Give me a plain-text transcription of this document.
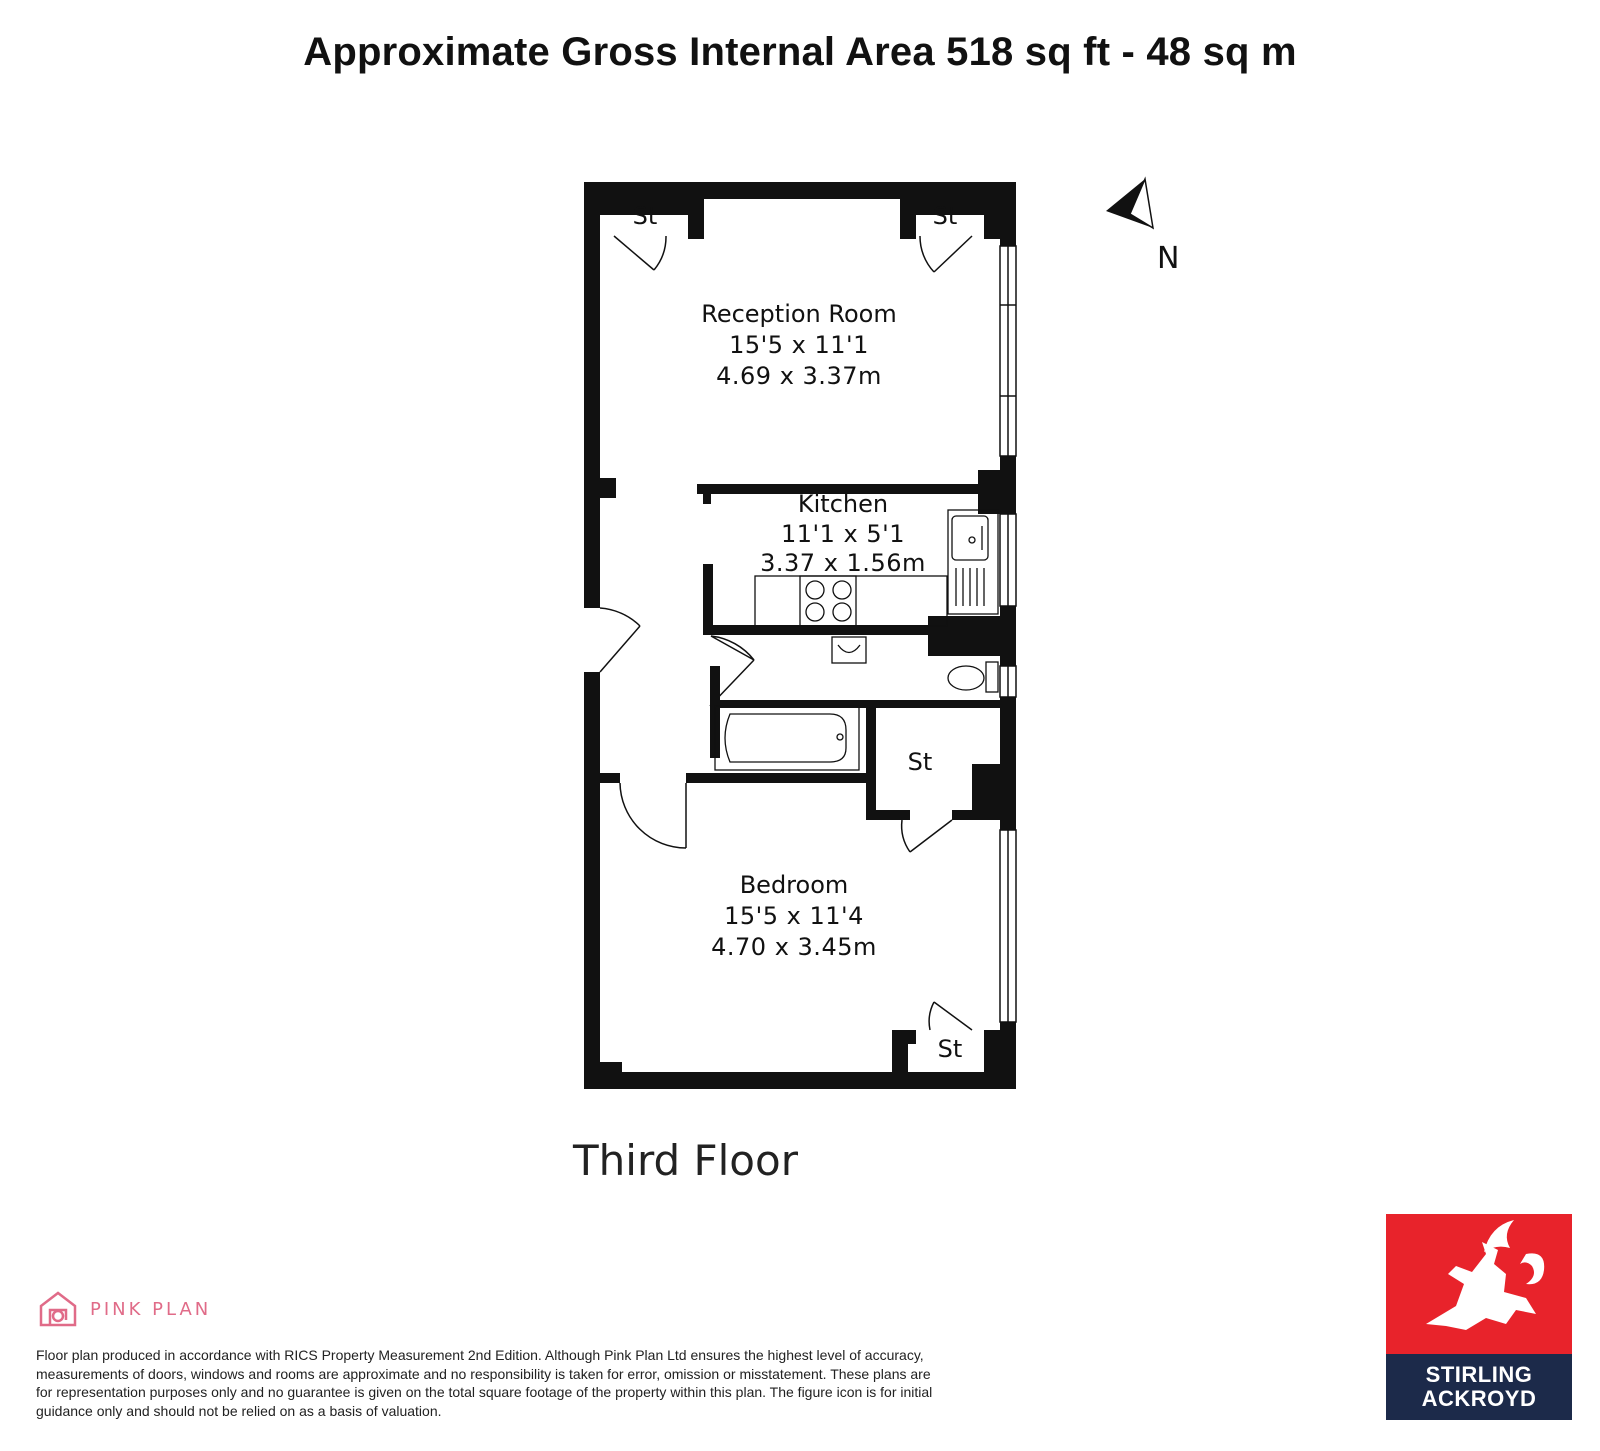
Approximate Gross Internal Area 518 sq ft - 48 sq m
N
Reception Room
15'5 x 11'1
4.69 x 3.37m
Kitchen
11'1 x 5'1
3.37 x 1.56m
Bedroom
15'5 x 11'4
4.70 x 3.45m
St	St
St
St
Third Floor
PINK PLAN
Floor plan produced in accordance with RICS Property Measurement 2nd Edition. Although Pink Plan Ltd ensures the highest level of accuracy, measurements of doors, windows and rooms are approximate and no responsibility is taken for error, omission or misstatement. These plans are for representation purposes only and no guarantee is given on the total square footage of the property within this plan. The figure icon is for initial guidance only and should not be relied on as a basis of valuation.
STIRLING
ACKROYD
